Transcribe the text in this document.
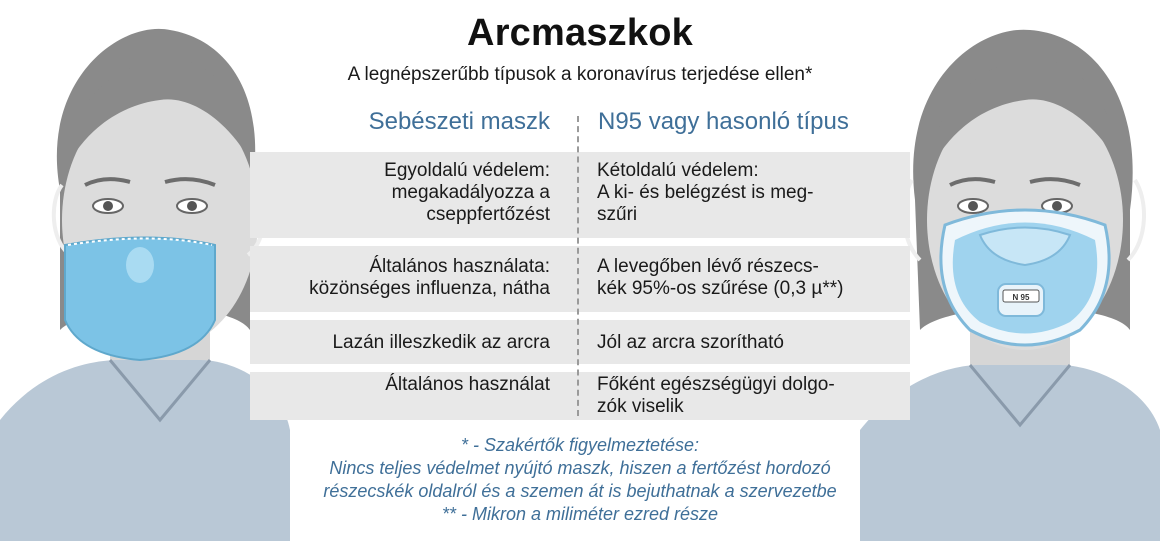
N 95
Arcmaszkok
A legnépszerűbb típusok a koronavírus terjedése ellen*
Sebészeti maszk N95 vagy hasonló típus
Egyoldalú védelem:
megakadályozza a
cseppfertőzést
Kétoldalú védelem:
A ki- és belégzést is meg-
szűri
Általános használata:
közönséges influenza, nátha
A levegőben lévő részecs-
kék 95%-os szűrése (0,3 µ**)
Lazán illeszkedik az arcra Jól az arcra szorítható
Általános használat Főként egészségügyi dolgo-
zók viselik
* - Szakértők figyelmeztetése:
Nincs teljes védelmet nyújtó maszk, hiszen a fertőzést hordozó
részecskék oldalról és a szemen át is bejuthatnak a szervezetbe
** - Mikron a miliméter ezred része
